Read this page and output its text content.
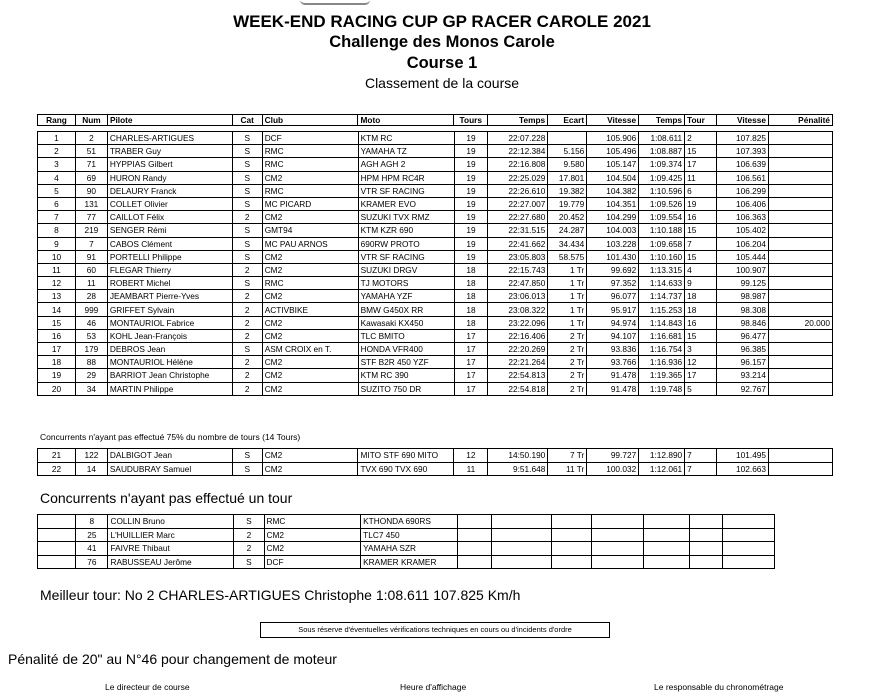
WEEK-END RACING CUP GP RACER CAROLE 2021
Challenge des Monos Carole
Course 1
Classement de la course
Rang	Num	Pilote	Cat	Club	Moto	Tours	Temps	Ecart	Vitesse	Temps	Tour	Vitesse	Pénalité
1	2	CHARLES-ARTIGUES	S	DCF	KTM RC	19	22:07.228		105.906	1:08.611	2	107.825	
2	51	TRABER Guy	S	RMC	YAMAHA TZ	19	22:12.384	5.156	105.496	1:08.887	15	107.393	
3	71	HYPPIAS Gilbert	S	RMC	AGH AGH 2	19	22:16.808	9.580	105.147	1:09.374	17	106.639	
4	69	HURON Randy	S	CM2	HPM HPM RC4R	19	22:25.029	17.801	104.504	1:09.425	11	106.561	
5	90	DELAURY Franck	S	RMC	VTR SF RACING	19	22:26.610	19.382	104.382	1:10.596	6	106.299	
6	131	COLLET Olivier	S	MC PICARD	KRAMER EVO	19	22:27.007	19.779	104.351	1:09.526	19	106.406	
7	77	CAILLOT Félix	2	CM2	SUZUKI TVX RMZ	19	22:27.680	20.452	104.299	1:09.554	16	106.363	
8	219	SENGER Rémi	S	GMT94	KTM KZR 690	19	22:31.515	24.287	104.003	1:10.188	15	105.402	
9	7	CABOS Clément	S	MC PAU ARNOS	690RW PROTO	19	22:41.662	34.434	103.228	1:09.658	7	106.204	
10	91	PORTELLI Philippe	S	CM2	VTR SF RACING	19	23:05.803	58.575	101.430	1:10.160	15	105.444	
11	60	FLEGAR Thierry	2	CM2	SUZUKI DRGV	18	22:15.743	1 Tr	99.692	1:13.315	4	100.907	
12	11	ROBERT Michel	S	RMC	TJ MOTORS	18	22:47.850	1 Tr	97.352	1:14.633	9	99.125	
13	28	JEAMBART Pierre-Yves	2	CM2	YAMAHA YZF	18	23:06.013	1 Tr	96.077	1:14.737	18	98.987	
14	999	GRIFFET Sylvain	2	ACTIVBIKE	BMW G450X RR	18	23:08.322	1 Tr	95.917	1:15.253	18	98.308	
15	46	MONTAURIOL Fabrice	2	CM2	Kawasaki KX450	18	23:22.096	1 Tr	94.974	1:14.843	16	98.846	20.000
16	53	KOHL Jean-François	2	CM2	TLC BMITO	17	22:16.406	2 Tr	94.107	1:16.681	15	96.477	
17	179	DEBROS Jean	S	ASM CROIX en T.	HONDA VFR400	17	22:20.269	2 Tr	93.836	1:16.754	3	96.385	
18	88	MONTAURIOL Hélène	2	CM2	STF B2R 450 YZF	17	22:21.264	2 Tr	93.766	1:16.936	12	96.157	
19	29	BARRIOT Jean Christophe	2	CM2	KTM RC 390	17	22:54.813	2 Tr	91.478	1:19.365	17	93.214	
20	34	MARTIN Philippe	2	CM2	SUZITO 750 DR	17	22:54.818	2 Tr	91.478	1:19.748	5	92.767	
Concurrents n'ayant pas effectué 75% du nombre de tours (14 Tours)
21	122	DALBIGOT Jean	S	CM2	MITO STF 690 MITO	12	14:50.190	7 Tr	99.727	1:12.890	7	101.495	
22	14	SAUDUBRAY Samuel	S	CM2	TVX 690 TVX 690	11	9:51.648	11 Tr	100.032	1:12.061	7	102.663	
Concurrents n'ayant pas effectué un tour
	8	COLLIN Bruno	S	RMC	KTHONDA 690RS							
	25	L'HUILLIER Marc	2	CM2	TLC7 450							
	41	FAIVRE Thibaut	2	CM2	YAMAHA SZR							
	76	RABUSSEAU Jerôme	S	DCF	KRAMER KRAMER							
Meilleur tour: No 2 CHARLES-ARTIGUES Christophe 1:08.611 107.825 Km/h
Sous réserve d'éventuelles vérifications techniques en cours ou d'incidents d'ordre
Pénalité de 20" au N°46 pour changement de moteur
Le directeur de course	Heure d'affichage	Le responsable du chronométrage
